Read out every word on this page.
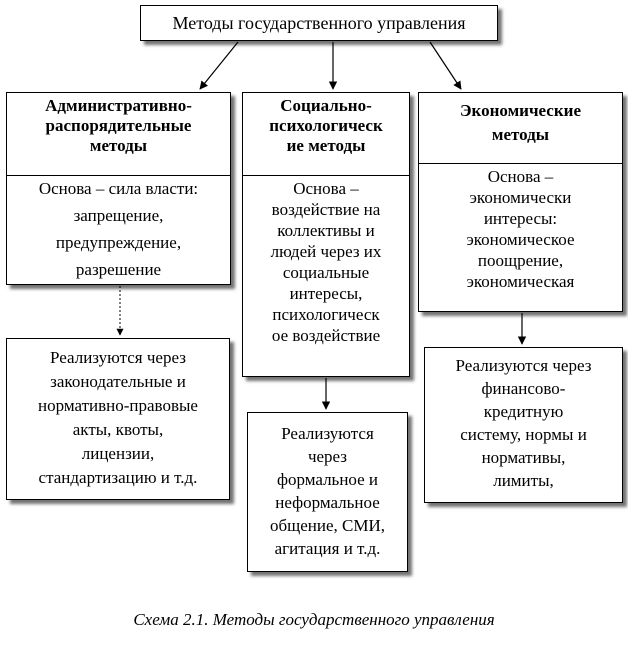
Методы государственного управления
Административно-
распорядительные
методы
Основа – сила власти:
запрещение,
предупреждение,
разрешение
Социально-
психологическ
ие методы
Основа –
воздействие на
коллективы и
людей через их
социальные
интересы,
психологическ
ое воздействие
Экономические
методы
Основа –
экономически
интересы:
экономическое
поощрение,
экономическая
Реализуются через
законодательные и
нормативно-правовые
акты, квоты,
лицензии,
стандартизацию и т.д.
Реализуются
через
формальное и
неформальное
общение, СМИ,
агитация и т.д.
Реализуются через
финансово-
кредитную
систему, нормы и
нормативы,
лимиты,
Схема 2.1. Методы государственного управления
